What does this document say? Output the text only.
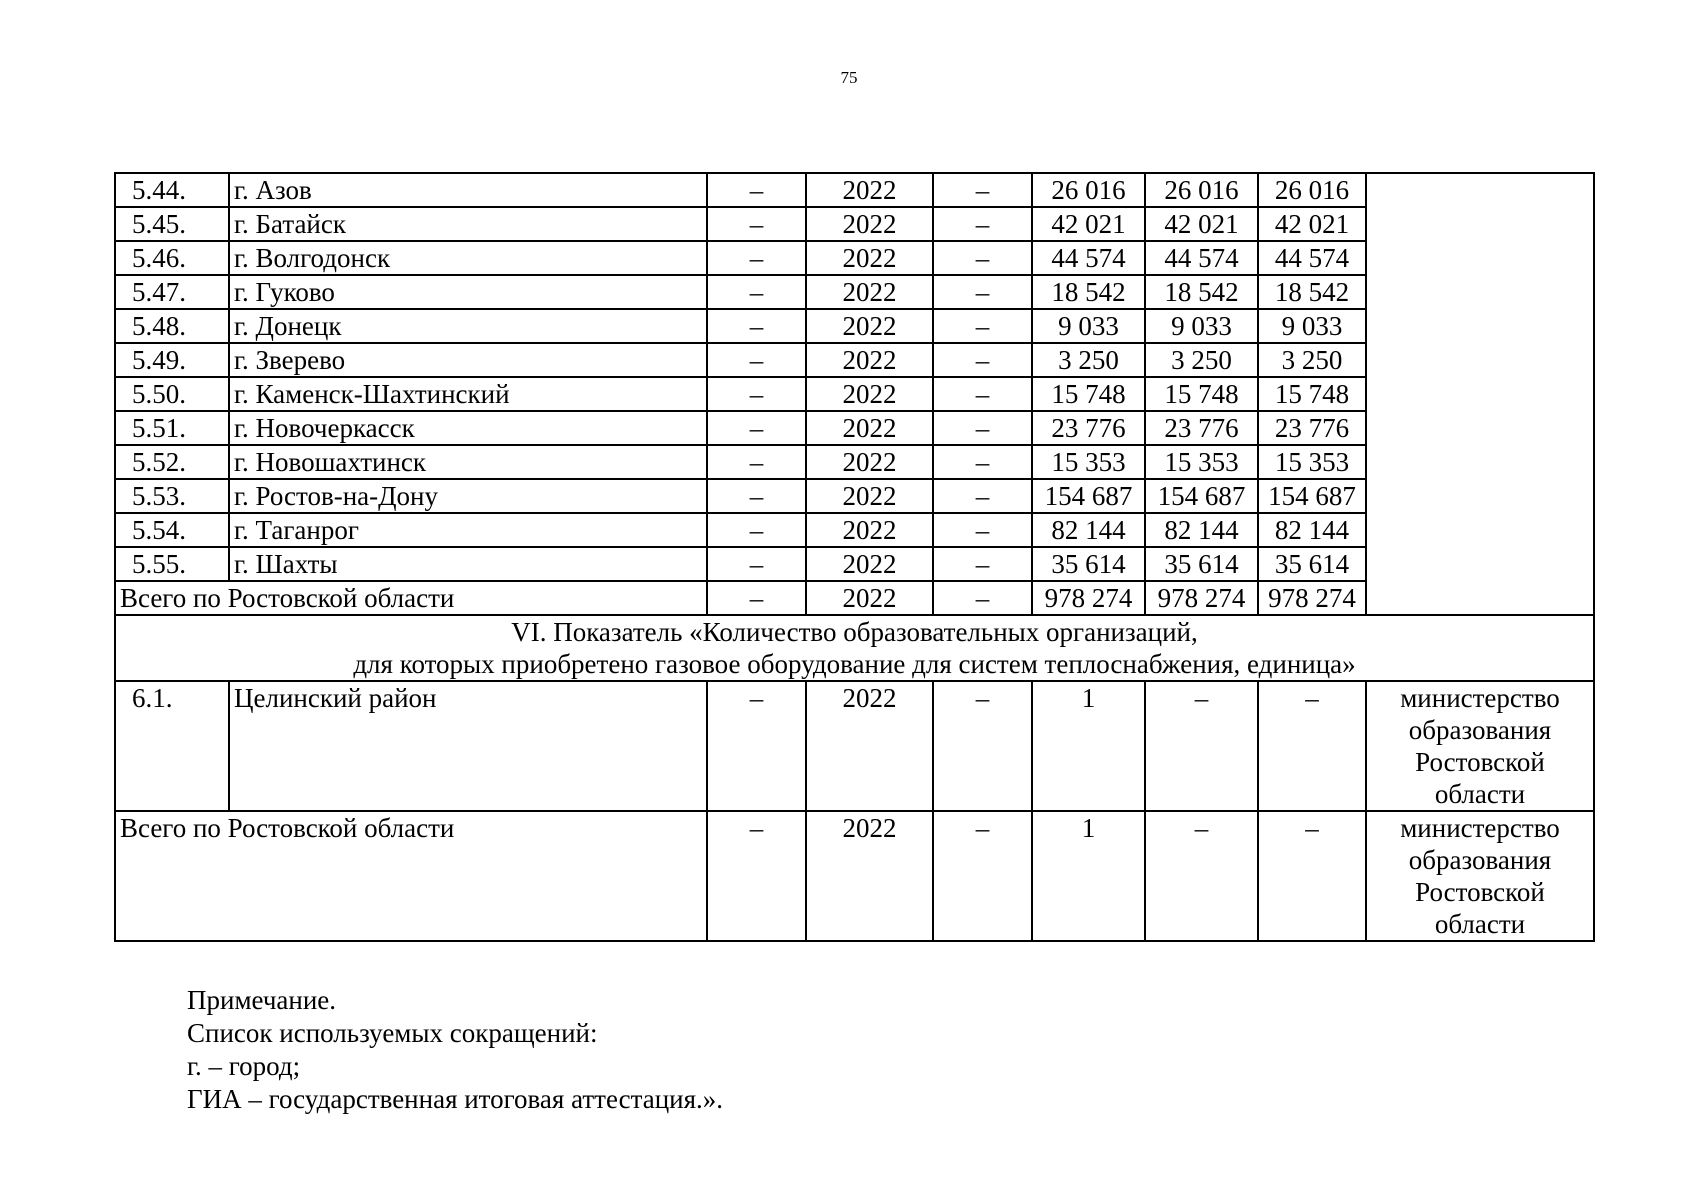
75
5.44.	г. Азов	–	2022	–	26 016	26 016	26 016	
5.45.	г. Батайск	–	2022	–	42 021	42 021	42 021	
5.46.	г. Волгодонск	–	2022	–	44 574	44 574	44 574	
5.47.	г. Гуково	–	2022	–	18 542	18 542	18 542	
5.48.	г. Донецк	–	2022	–	9 033	9 033	9 033	
5.49.	г. Зверево	–	2022	–	3 250	3 250	3 250	
5.50.	г. Каменск-Шахтинский	–	2022	–	15 748	15 748	15 748	
5.51.	г. Новочеркасск	–	2022	–	23 776	23 776	23 776	
5.52.	г. Новошахтинск	–	2022	–	15 353	15 353	15 353	
5.53.	г. Ростов-на-Дону	–	2022	–	154 687	154 687	154 687	
5.54.	г. Таганрог	–	2022	–	82 144	82 144	82 144	
5.55.	г. Шахты	–	2022	–	35 614	35 614	35 614	
Всего по Ростовской области		–	2022	–	978 274	978 274	978 274	

VI. Показатель «Количество образовательных организаций,
для которых приобретено газовое оборудование для систем теплоснабжения, единица»								

6.1.	Целинский район	–	2022	–	1	–	–	министерство
образования
Ростовской
области

Всего по Ростовской области		–	2022	–	1	–	–	министерство
образования
Ростовской
области
Примечание.
Список используемых сокращений:
г. – город;
ГИА – государственная итоговая аттестация.».
